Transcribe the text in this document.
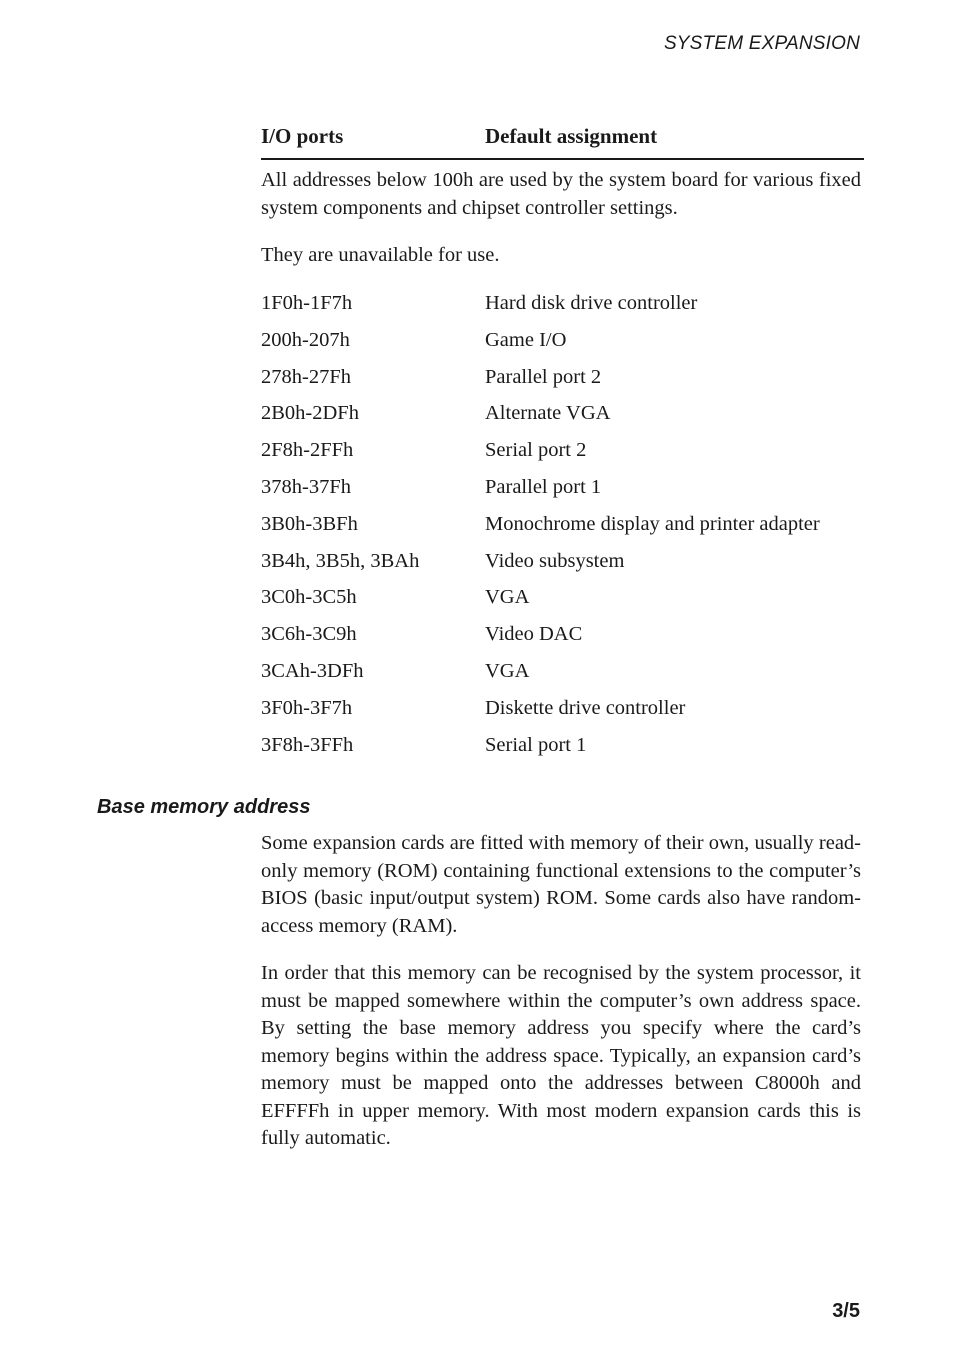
SYSTEM EXPANSION
I/O ports	Default assignment

All addresses below 100h are used by the system board for various fixed system components and chipset controller settings.

They are unavailable for use.

1F0h-1F7h	Hard disk drive controller
200h-207h	Game I/O
278h-27Fh	Parallel port 2
2B0h-2DFh	Alternate VGA
2F8h-2FFh	Serial port 2
378h-37Fh	Parallel port 1
3B0h-3BFh	Monochrome display and printer adapter
3B4h, 3B5h, 3BAh	Video subsystem
3C0h-3C5h	VGA
3C6h-3C9h	Video DAC
3CAh-3DFh	VGA
3F0h-3F7h	Diskette drive controller
3F8h-3FFh	Serial port 1
Base memory address

Some expansion cards are fitted with memory of their own, usually read-only memory (ROM) containing functional extensions to the computer’s BIOS (basic input/output system) ROM. Some cards also have random-access memory (RAM).

In order that this memory can be recognised by the system processor, it must be mapped somewhere within the computer’s own address space. By setting the base memory address you specify where the card’s memory begins within the address space. Typically, an expansion card’s memory must be mapped onto the addresses between C8000h and EFFFFh in upper memory. With most modern expansion cards this is fully automatic.

3/5
